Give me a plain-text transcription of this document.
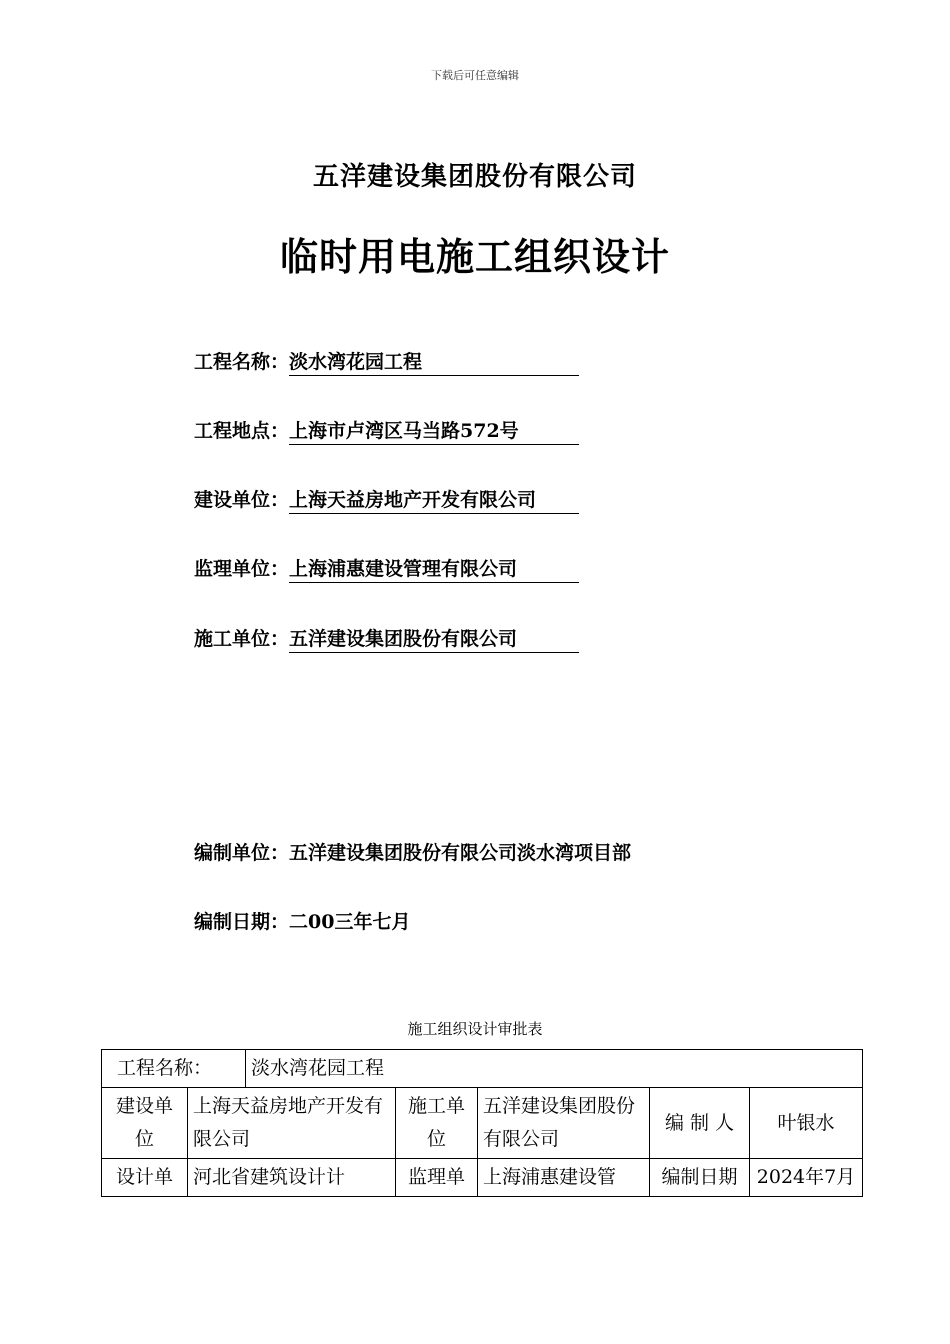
下载后可任意编辑
五洋建设集团股份有限公司
临时用电施工组织设计
工程名称：淡水湾花园工程
工程地点：上海市卢湾区马当路572号
建设单位：上海天益房地产开发有限公司
监理单位：上海浦惠建设管理有限公司
施工单位：五洋建设集团股份有限公司
编制单位：五洋建设集团股份有限公司淡水湾项目部
编制日期：二00三年七月
施工组织设计审批表
工程名称：		淡水湾花园工程				
建设单位	上海天益房地产开发有限公司		施工单位	五洋建设集团股份有限公司	编 制 人	叶银水
设计单	河北省建筑设计计		监理单	上海浦惠建设管	编制日期	2024年7月
